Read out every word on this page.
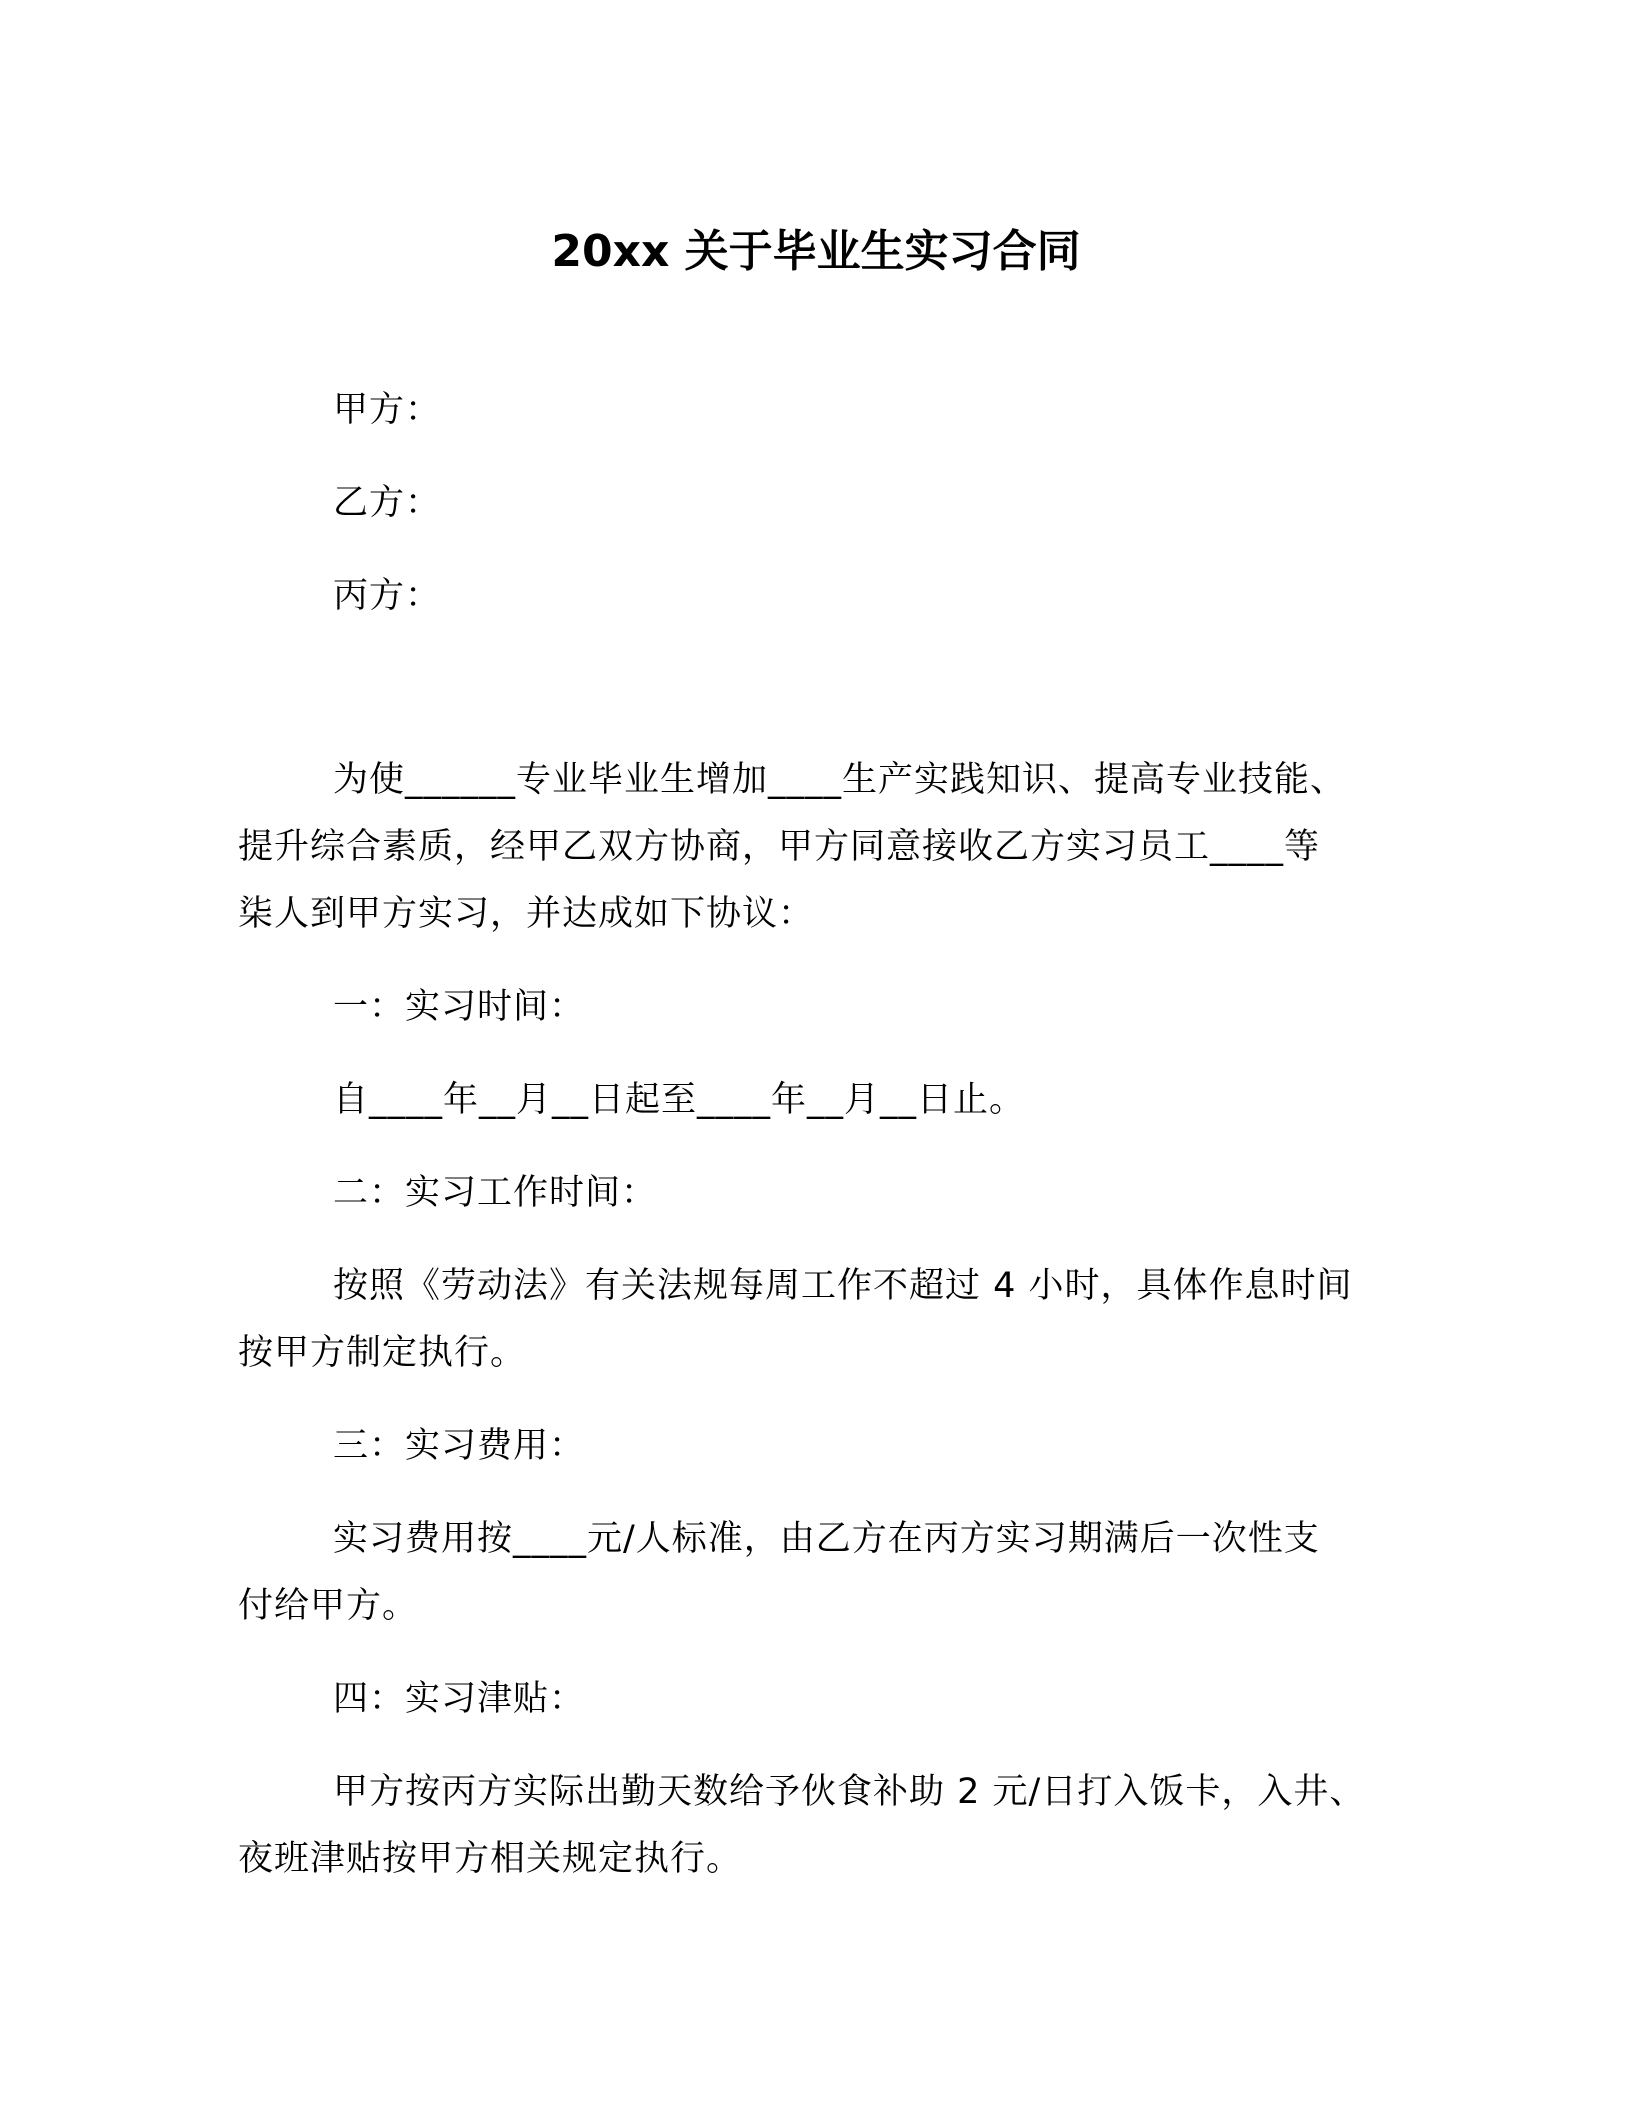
20xx 关于毕业生实习合同
甲方：
乙方：
丙方：
为使______专业毕业生增加____生产实践知识、提高专业技能、
提升综合素质，经甲乙双方协商，甲方同意接收乙方实习员工____等
柒人到甲方实习，并达成如下协议：
一：实习时间：
自____年__月__日起至____年__月__日止。
二：实习工作时间：
按照《劳动法》有关法规每周工作不超过 4 小时，具体作息时间
按甲方制定执行。
三：实习费用：
实习费用按____元/人标准，由乙方在丙方实习期满后一次性支
付给甲方。
四：实习津贴：
甲方按丙方实际出勤天数给予伙食补助 2 元/日打入饭卡，入井、
夜班津贴按甲方相关规定执行。
